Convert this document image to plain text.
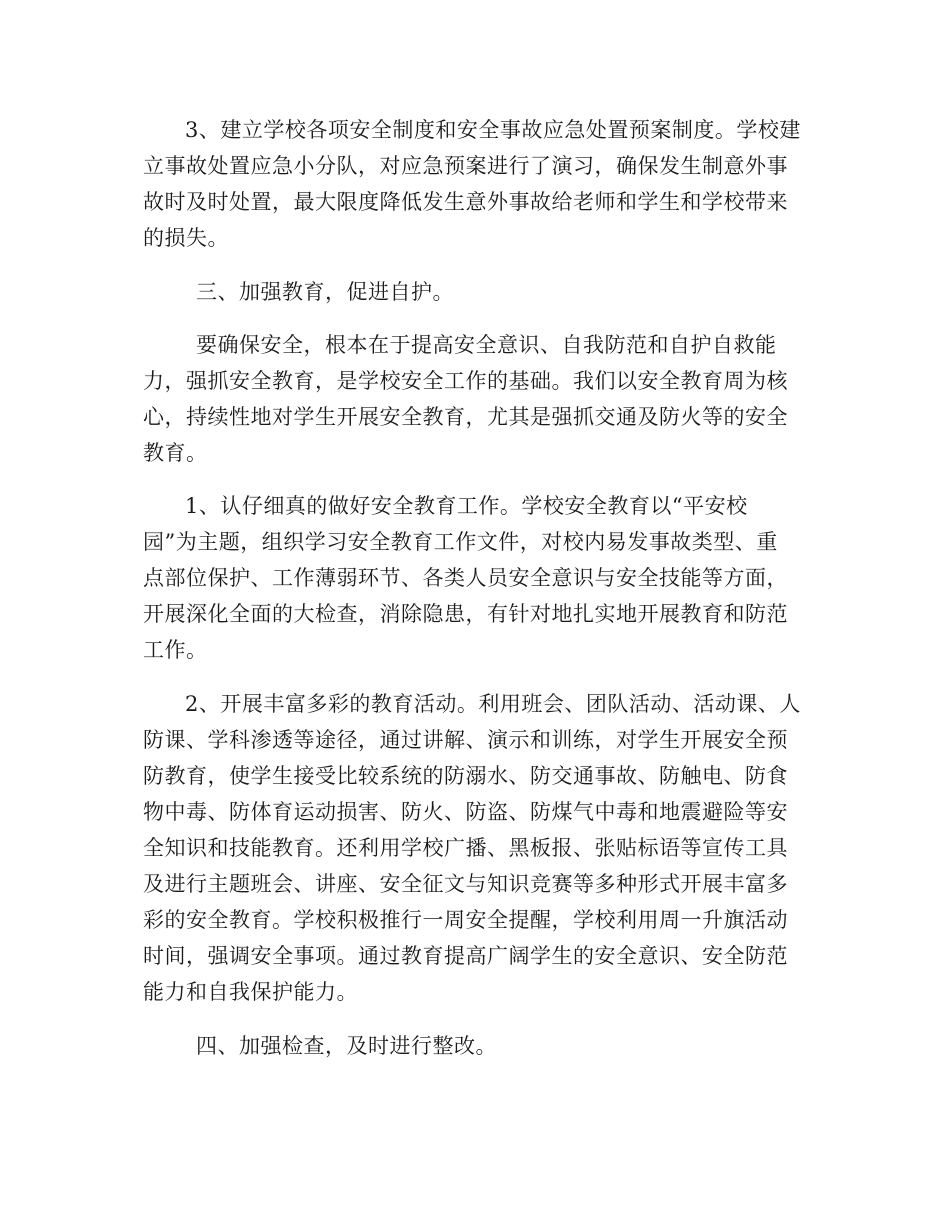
3、建立学校各项安全制度和安全事故应急处置预案制度。学校建
立事故处置应急小分队，对应急预案进行了演习，确保发生制意外事
故时及时处置，最大限度降低发生意外事故给老师和学生和学校带来
的损失。
三、加强教育，促进自护。
要确保安全，根本在于提高安全意识、自我防范和自护自救能
力，强抓安全教育，是学校安全工作的基础。我们以安全教育周为核
心，持续性地对学生开展安全教育，尤其是强抓交通及防火等的安全
教育。
1、认仔细真的做好安全教育工作。学校安全教育以“平安校
园”为主题，组织学习安全教育工作文件，对校内易发事故类型、重
点部位保护、工作薄弱环节、各类人员安全意识与安全技能等方面，
开展深化全面的大检查，消除隐患，有针对地扎实地开展教育和防范
工作。
2、开展丰富多彩的教育活动。利用班会、团队活动、活动课、人
防课、学科渗透等途径，通过讲解、演示和训练，对学生开展安全预
防教育，使学生接受比较系统的防溺水、防交通事故、防触电、防食
物中毒、防体育运动损害、防火、防盗、防煤气中毒和地震避险等安
全知识和技能教育。还利用学校广播、黑板报、张贴标语等宣传工具
及进行主题班会、讲座、安全征文与知识竞赛等多种形式开展丰富多
彩的安全教育。学校积极推行一周安全提醒，学校利用周一升旗活动
时间，强调安全事项。通过教育提高广阔学生的安全意识、安全防范
能力和自我保护能力。
四、加强检查，及时进行整改。
